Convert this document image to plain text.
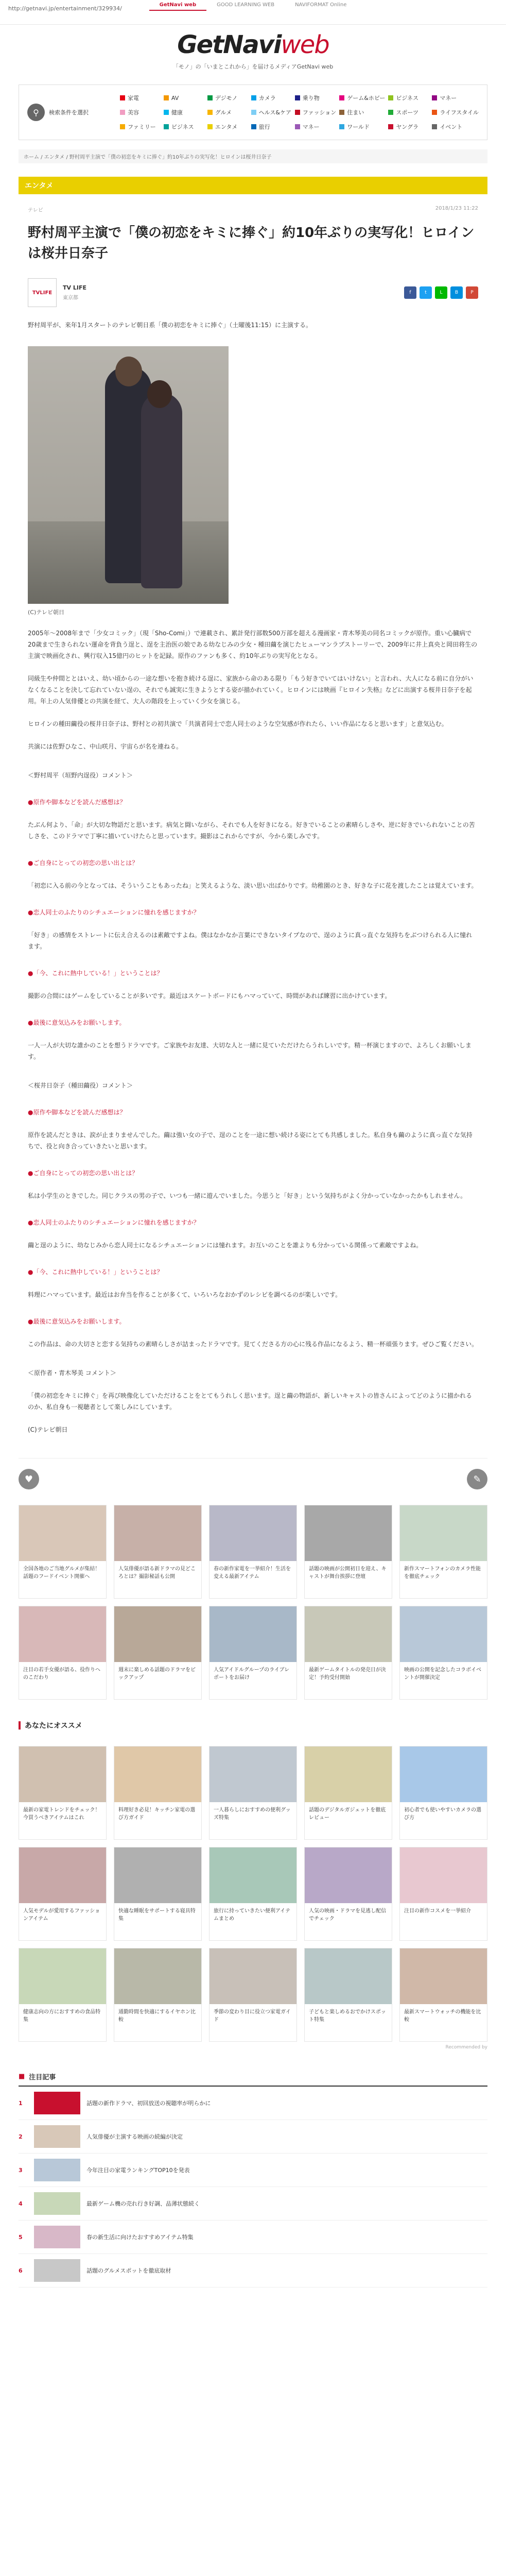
http://getnavi.jp/entertainment/329934/
GetNavi web	GOOD LEARNING WEB	NAVIFORMAT Online
GetNaviweb
「モノ」の「いまとこれから」を届けるメディアGetNavi web
⚲	検索条件を選択
家電	AV	デジモノ	カメラ	乗り物	ゲーム&ホビー ビジネス	マネー
美容	健康	グルメ	ヘルス&ケア ファッション 住まい	スポーツ	ライフスタイル
ファミリー	ビジネス	エンタメ	旅行	マネー	ワールド	ヤングラ	イベント
ホーム / エンタメ / 野村周平主演で「僕の初恋をキミに捧ぐ」約10年ぶりの実写化！ヒロインは桜井日奈子
エンタメ
テレビ	2018/1/23 11:22
野村周平主演で「僕の初恋をキミに捧ぐ」約10年ぶりの実写化！ヒロインは桜井日奈子
TVLIFE
TV LIFE
東京都
f	t	L	B	P

野村周平が、来年1月スタートのテレビ朝日系「僕の初恋をキミに捧ぐ」（土曜後11:15）に主演する。

(C)テレビ朝日

2005年～2008年まで「少女コミック」（現「Sho-Comi」）で連載され、累計発行部数500万部を超える漫画家・青木琴美の同名コミックが原作。重い心臓病で20歳まで生きられない運命を背負う逞と、逞を主治医の娘である幼なじみの少女・種田繭を演じたヒューマンラブストーリーで、2009年に井上真央と岡田将生の主演で映画化され、興行収入15億円のヒットを記録。原作のファンも多く、約10年ぶりの実写化となる。

同級生や仲間ととはいえ、幼い頃からの一途な想いを抱き続ける逞に、家族から命のある限り「もう好きでいてはいけない」と言われ、大人になる前に自分がいなくなることを決して忘れていない逞の、それでも誠実に生きようとする姿が描かれていく。ヒロインには映画『ヒロイン失格』などに出演する桜井日奈子を起用。年上の人気俳優との共演を経て、大人の階段を上っていく少女を演じる。

ヒロインの種田繭役の桜井日奈子は、野村との初共演で「共演者同士で恋人同士のような空気感が作れたら、いい作品になると思います」と意気込む。

共演には佐野ひなこ、中山咲月、宇宙らが名を連ねる。

＜野村周平（垣野内逞役）コメント＞

●原作や脚本などを読んだ感想は？

たぶん何より、「命」が大切な物語だと思います。病気と闘いながら、それでも人を好きになる。好きでいることの素晴らしさや、逆に好きでいられないことの苦しさを、このドラマで丁寧に描いていけたらと思っています。撮影はこれからですが、今から楽しみです。

●ご自身にとっての初恋の思い出とは？

「初恋に入る前の今となっては、そういうこともあったね」と笑えるような、淡い思い出ばかりです。幼稚園のとき、好きな子に花を渡したことは覚えています。

●恋人同士のふたりのシチュエーションに憧れを感じますか？

「好き」の感情をストレートに伝え合えるのは素敵ですよね。僕はなかなか言葉にできないタイプなので、逞のように真っ直ぐな気持ちをぶつけられる人に憧れます。

●「今、これに熱中している！」ということは？

撮影の合間にはゲームをしていることが多いです。最近はスケートボードにもハマっていて、時間があれば練習に出かけています。

●最後に意気込みをお願いします。

一人一人が大切な誰かのことを想うドラマです。ご家族やお友達、大切な人と一緒に見ていただけたらうれしいです。精一杯演じますので、よろしくお願いします。

＜桜井日奈子（種田繭役）コメント＞

●原作や脚本などを読んだ感想は？

原作を読んだときは、涙が止まりませんでした。繭は強い女の子で、逞のことを一途に想い続ける姿にとても共感しました。私自身も繭のように真っ直ぐな気持ちで、役と向き合っていきたいと思います。

●ご自身にとっての初恋の思い出とは？

私は小学生のときでした。同じクラスの男の子で、いつも一緒に遊んでいました。今思うと「好き」という気持ちがよく分かっていなかったかもしれません。

●恋人同士のふたりのシチュエーションに憧れを感じますか？

繭と逞のように、幼なじみから恋人同士になるシチュエーションには憧れます。お互いのことを誰よりも分かっている関係って素敵ですよね。

●「今、これに熱中している！」ということは？

料理にハマっています。最近はお弁当を作ることが多くて、いろいろなおかずのレシピを調べるのが楽しいです。

●最後に意気込みをお願いします。

この作品は、命の大切さと恋する気持ちの素晴らしさが詰まったドラマです。見てくださる方の心に残る作品になるよう、精一杯頑張ります。ぜひご覧ください。

＜原作者・青木琴美 コメント＞

「僕の初恋をキミに捧ぐ」を再び映像化していただけることをとてもうれしく思います。逞と繭の物語が、新しいキャストの皆さんによってどのように描かれるのか、私自身も一視聴者として楽しみにしています。

(C)テレビ朝日

♥	✎
全国各地のご当地グルメが集結！話題のフードイベント開催へ
人気俳優が語る新ドラマの見どころとは？撮影秘話も公開
春の新作家電を一挙紹介！生活を変える最新アイテム
話題の映画が公開初日を迎え、キャストが舞台挨拶に登壇
新作スマートフォンのカメラ性能を徹底チェック
注目の若手女優が語る、役作りへのこだわり
週末に楽しめる話題のドラマをピックアップ
人気アイドルグループのライブレポートをお届け
最新ゲームタイトルの発売日が決定！予約受付開始
映画の公開を記念したコラボイベントが開催決定
あなたにオススメ
最新の家電トレンドをチェック！今買うべきアイテムはこれ
料理好き必見！キッチン家電の選び方ガイド
一人暮らしにおすすめの便利グッズ特集
話題のデジタルガジェットを徹底レビュー
初心者でも使いやすいカメラの選び方
人気モデルが愛用するファッションアイテム
快適な睡眠をサポートする寝具特集
旅行に持っていきたい便利アイテムまとめ
人気の映画・ドラマを見逃し配信でチェック
注目の新作コスメを一挙紹介
健康志向の方におすすめの食品特集
通勤時間を快適にするイヤホン比較
季節の変わり目に役立つ家電ガイド
子どもと楽しめるおでかけスポット特集
最新スマートウォッチの機能を比較
Recommended by
■ 注目記事
1	話題の新作ドラマ、初回放送の視聴率が明らかに
2	人気俳優が主演する映画の続編が決定
3	今年注目の家電ランキングTOP10を発表
4	最新ゲーム機の売れ行き好調、品薄状態続く
5	春の新生活に向けたおすすめアイテム特集
6	話題のグルメスポットを徹底取材
